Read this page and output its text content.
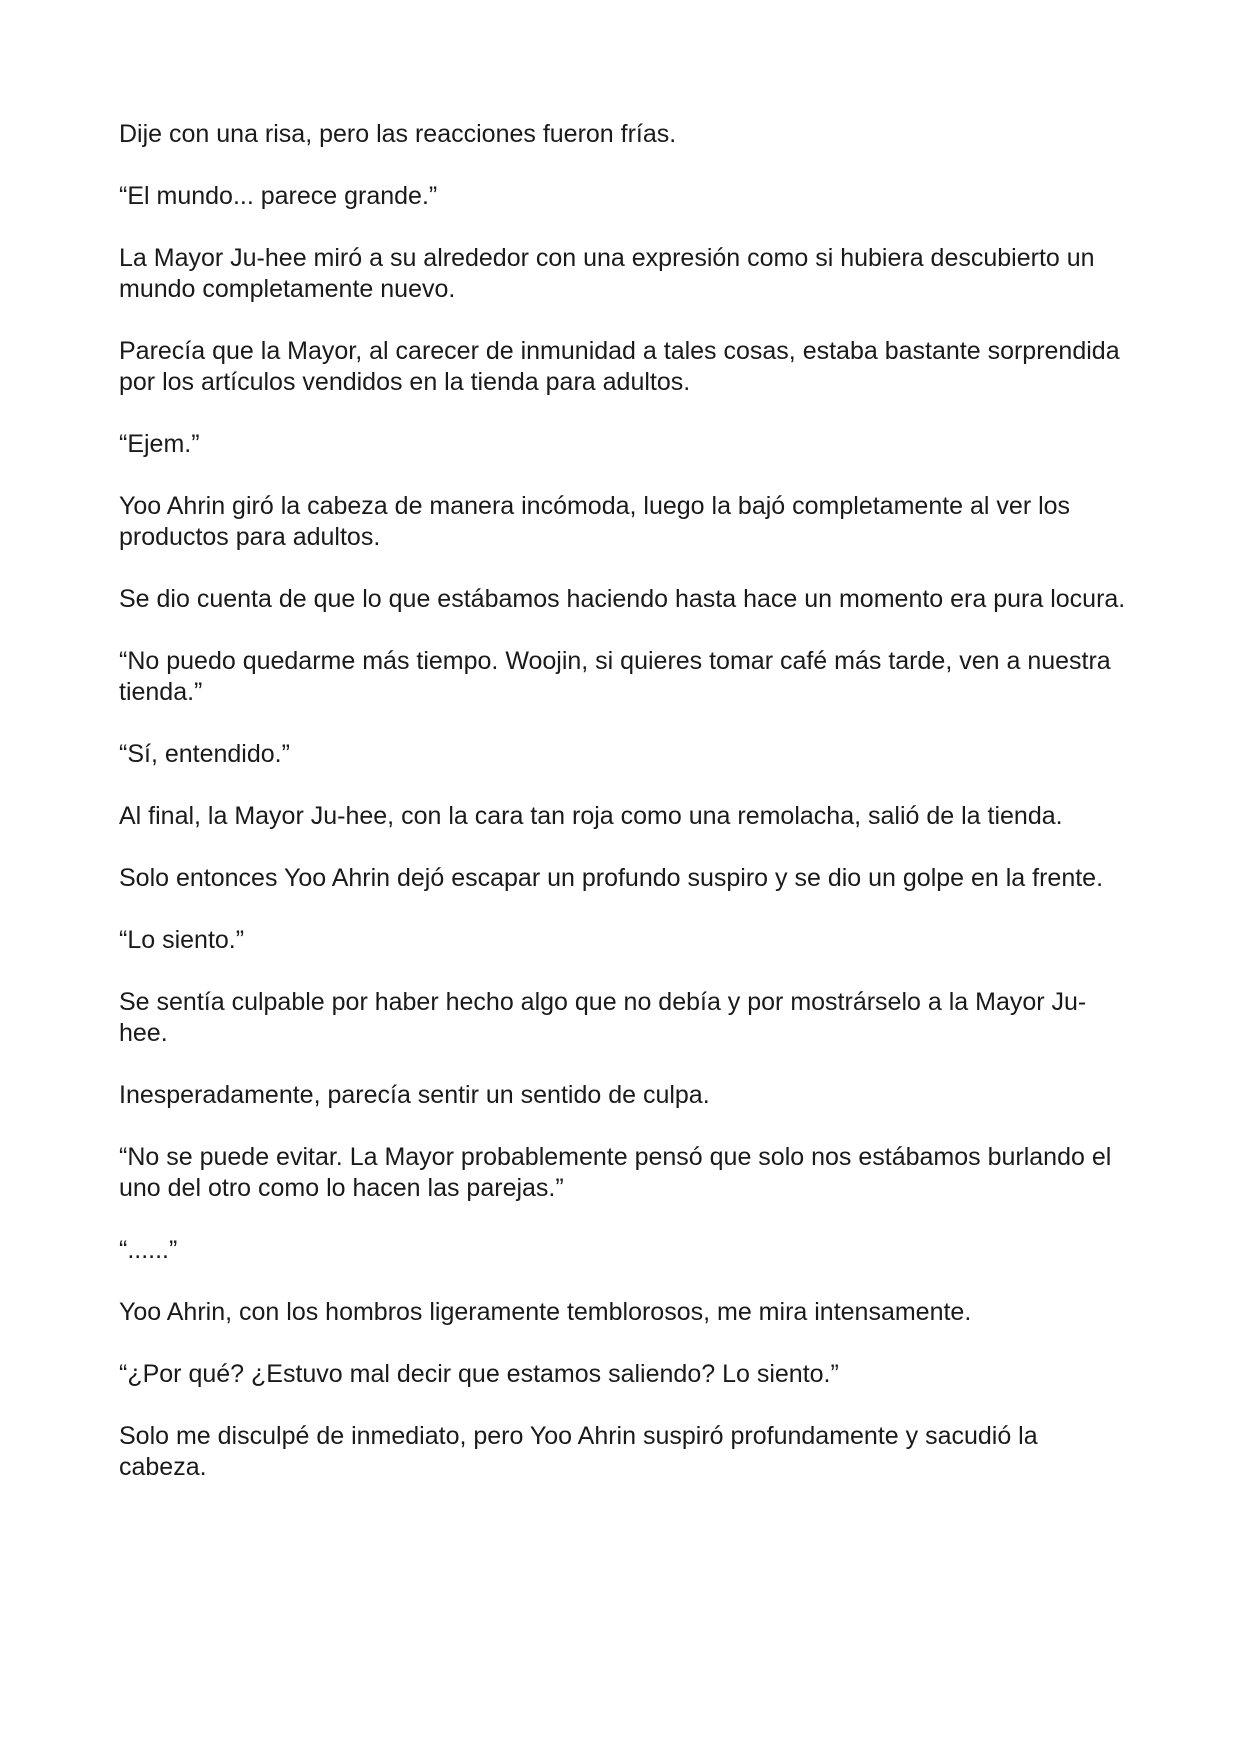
Dije con una risa, pero las reacciones fueron frías.

“El mundo... parece grande.”

La Mayor Ju-hee miró a su alrededor con una expresión como si hubiera descubierto un mundo completamente nuevo.

Parecía que la Mayor, al carecer de inmunidad a tales cosas, estaba bastante sorprendida por los artículos vendidos en la tienda para adultos.

“Ejem.”

Yoo Ahrin giró la cabeza de manera incómoda, luego la bajó completamente al ver los productos para adultos.

Se dio cuenta de que lo que estábamos haciendo hasta hace un momento era pura locura.

“No puedo quedarme más tiempo. Woojin, si quieres tomar café más tarde, ven a nuestra tienda.”

“Sí, entendido.”

Al final, la Mayor Ju-hee, con la cara tan roja como una remolacha, salió de la tienda.

Solo entonces Yoo Ahrin dejó escapar un profundo suspiro y se dio un golpe en la frente.

“Lo siento.”

Se sentía culpable por haber hecho algo que no debía y por mostrárselo a la Mayor Ju-hee.

Inesperadamente, parecía sentir un sentido de culpa.

“No se puede evitar. La Mayor probablemente pensó que solo nos estábamos burlando el uno del otro como lo hacen las parejas.”

“......”

Yoo Ahrin, con los hombros ligeramente temblorosos, me mira intensamente.

“¿Por qué? ¿Estuvo mal decir que estamos saliendo? Lo siento.”

Solo me disculpé de inmediato, pero Yoo Ahrin suspiró profundamente y sacudió la cabeza.
